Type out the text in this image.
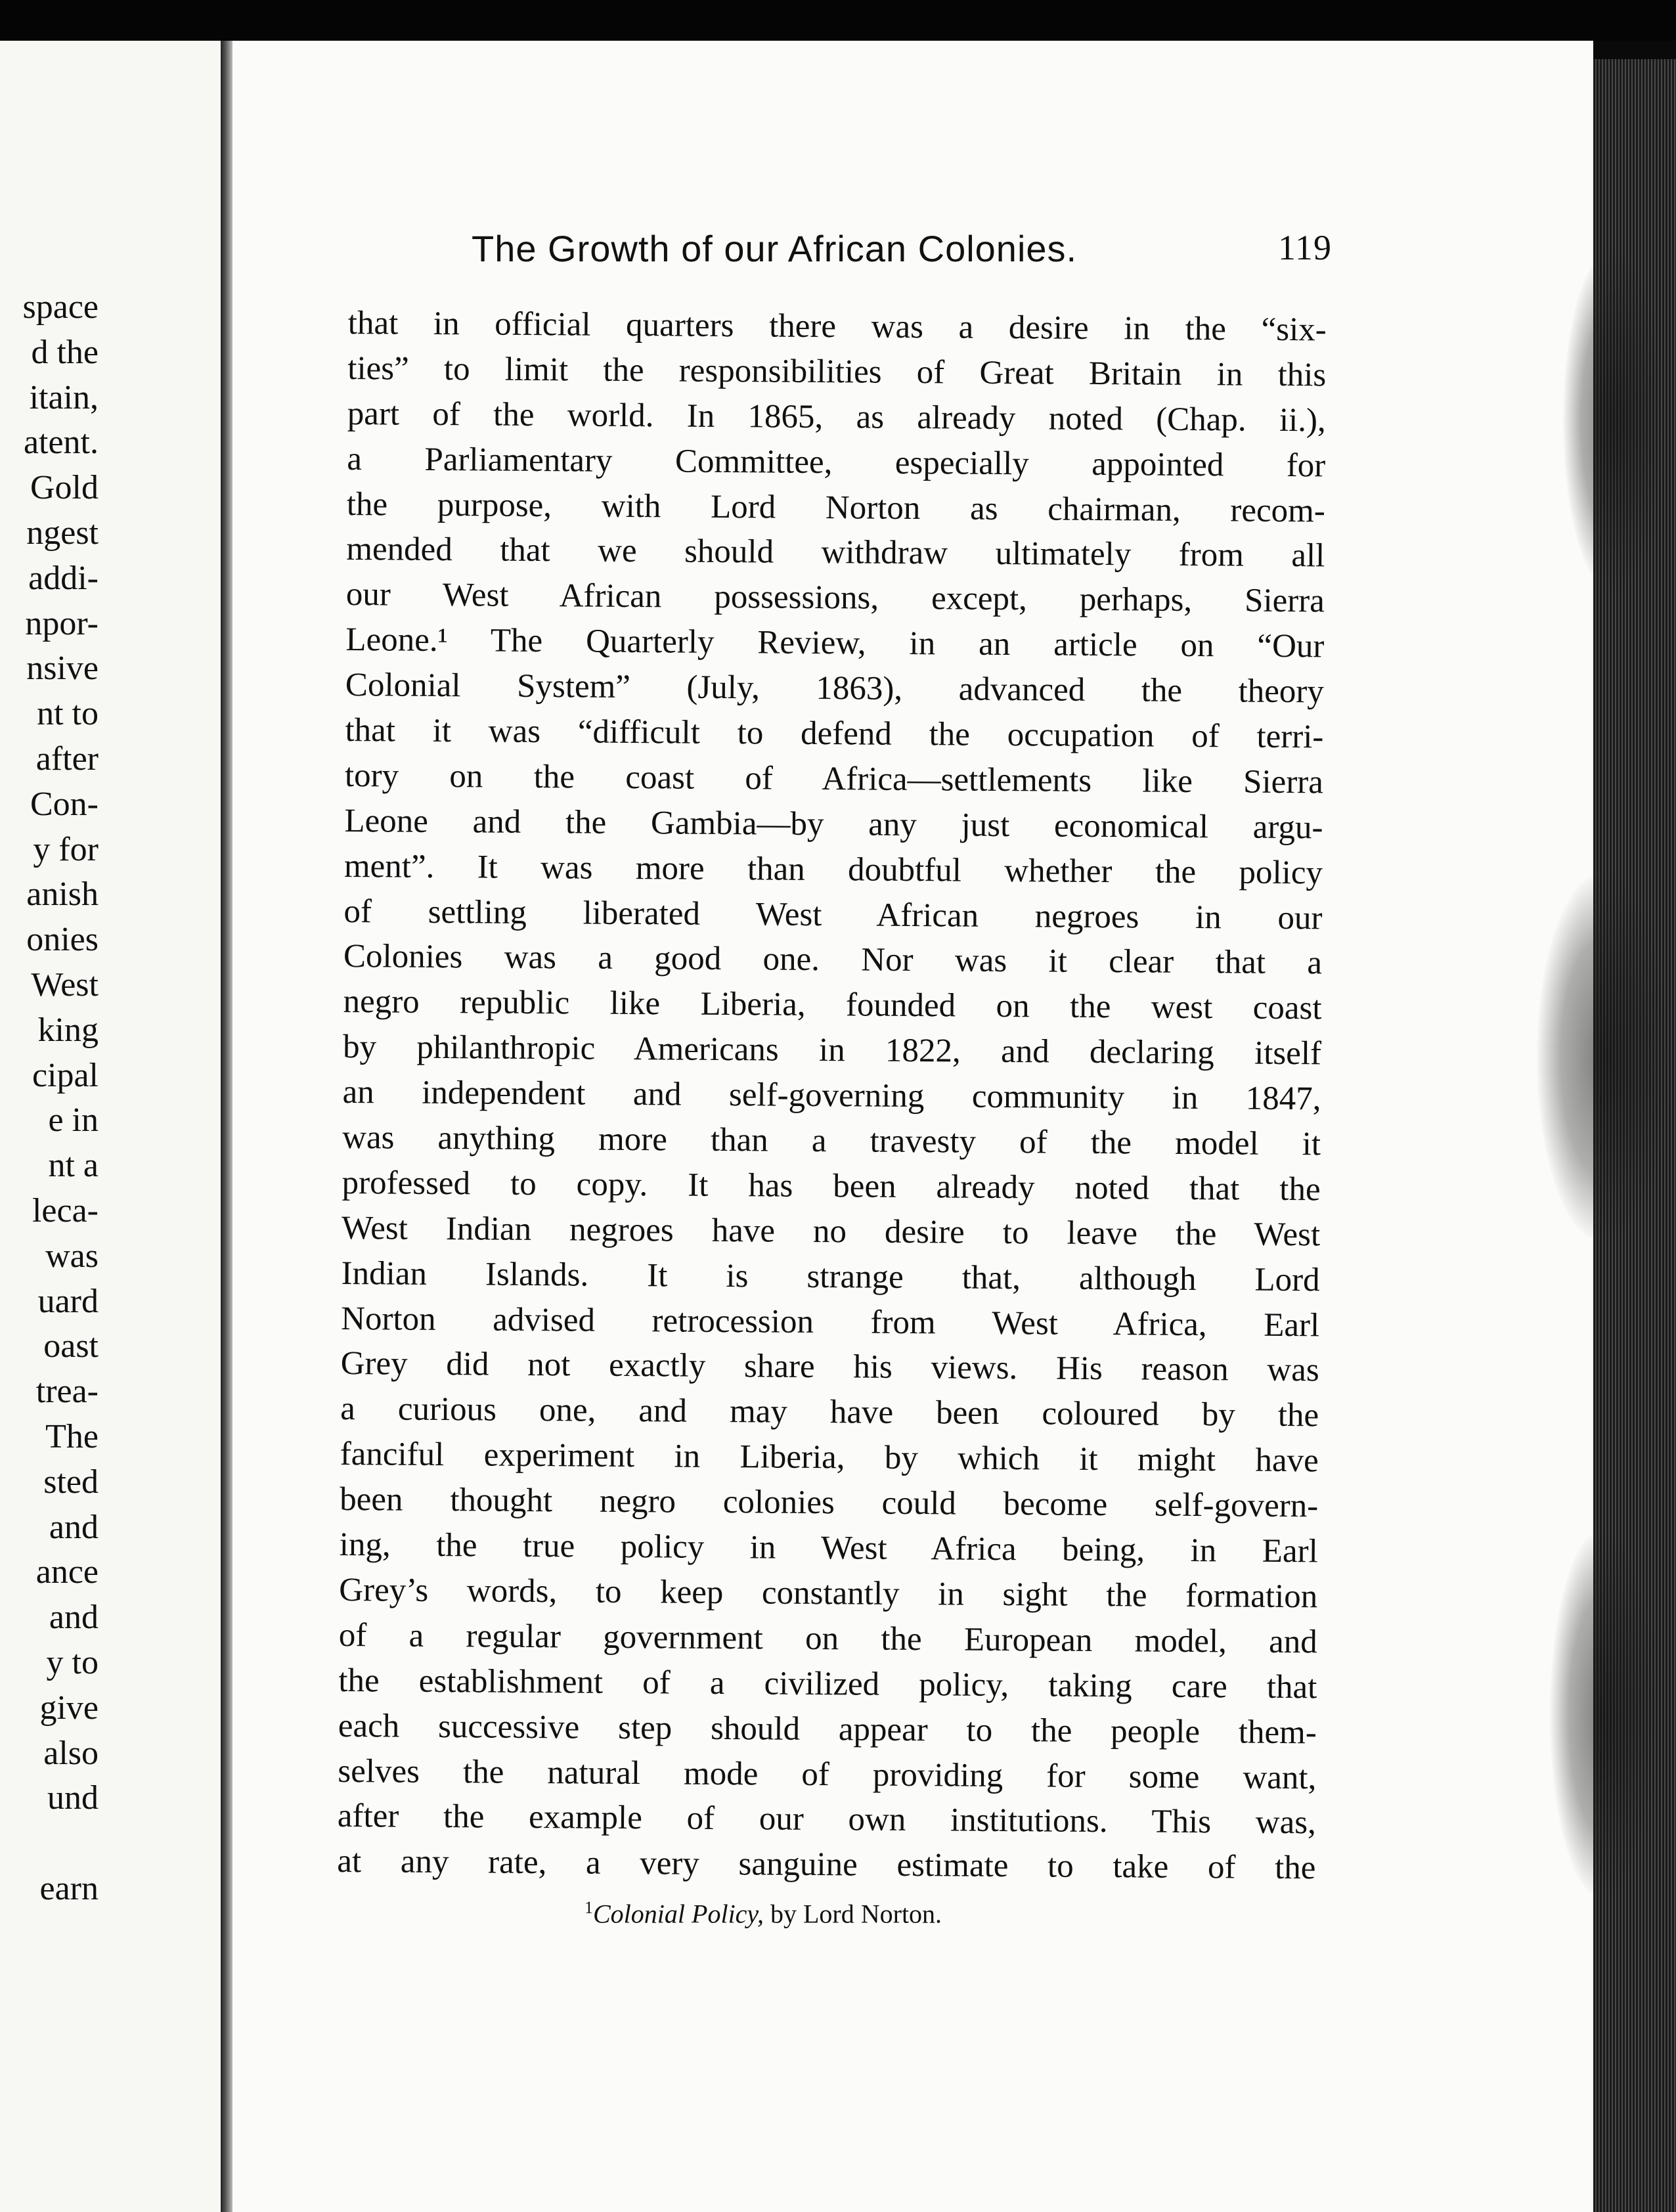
space
d the
itain,
atent.
Gold
ngest
addi-
npor-
nsive
nt to
after
Con-
y for
anish
onies
West
king
cipal
e in
nt a
leca-
was
uard
oast
trea-
The
sted
and
ance
and
y to
give
also
und
earn
The Growth of our African Colonies.	119
that in official quarters there was a desire in the “six-
ties” to limit the responsibilities of Great Britain in this
part of the world. In 1865, as already noted (Chap. ii.),
a Parliamentary Committee, especially appointed for
the purpose, with Lord Norton as chairman, recom-
mended that we should withdraw ultimately from all
our West African possessions, except, perhaps, Sierra
Leone.¹ The Quarterly Review, in an article on “Our
Colonial System” (July, 1863), advanced the theory
that it was “difficult to defend the occupation of terri-
tory on the coast of Africa—settlements like Sierra
Leone and the Gambia—by any just economical argu-
ment”. It was more than doubtful whether the policy
of settling liberated West African negroes in our
Colonies was a good one. Nor was it clear that a
negro republic like Liberia, founded on the west coast
by philanthropic Americans in 1822, and declaring itself
an independent and self-governing community in 1847,
was anything more than a travesty of the model it
professed to copy. It has been already noted that the
West Indian negroes have no desire to leave the West
Indian Islands. It is strange that, although Lord
Norton advised retrocession from West Africa, Earl
Grey did not exactly share his views. His reason was
a curious one, and may have been coloured by the
fanciful experiment in Liberia, by which it might have
been thought negro colonies could become self-govern-
ing, the true policy in West Africa being, in Earl
Grey’s words, to keep constantly in sight the formation
of a regular government on the European model, and
the establishment of a civilized policy, taking care that
each successive step should appear to the people them-
selves the natural mode of providing for some want,
after the example of our own institutions. This was,
at any rate, a very sanguine estimate to take of the
$^1$Colonial Policy, by Lord Norton.
